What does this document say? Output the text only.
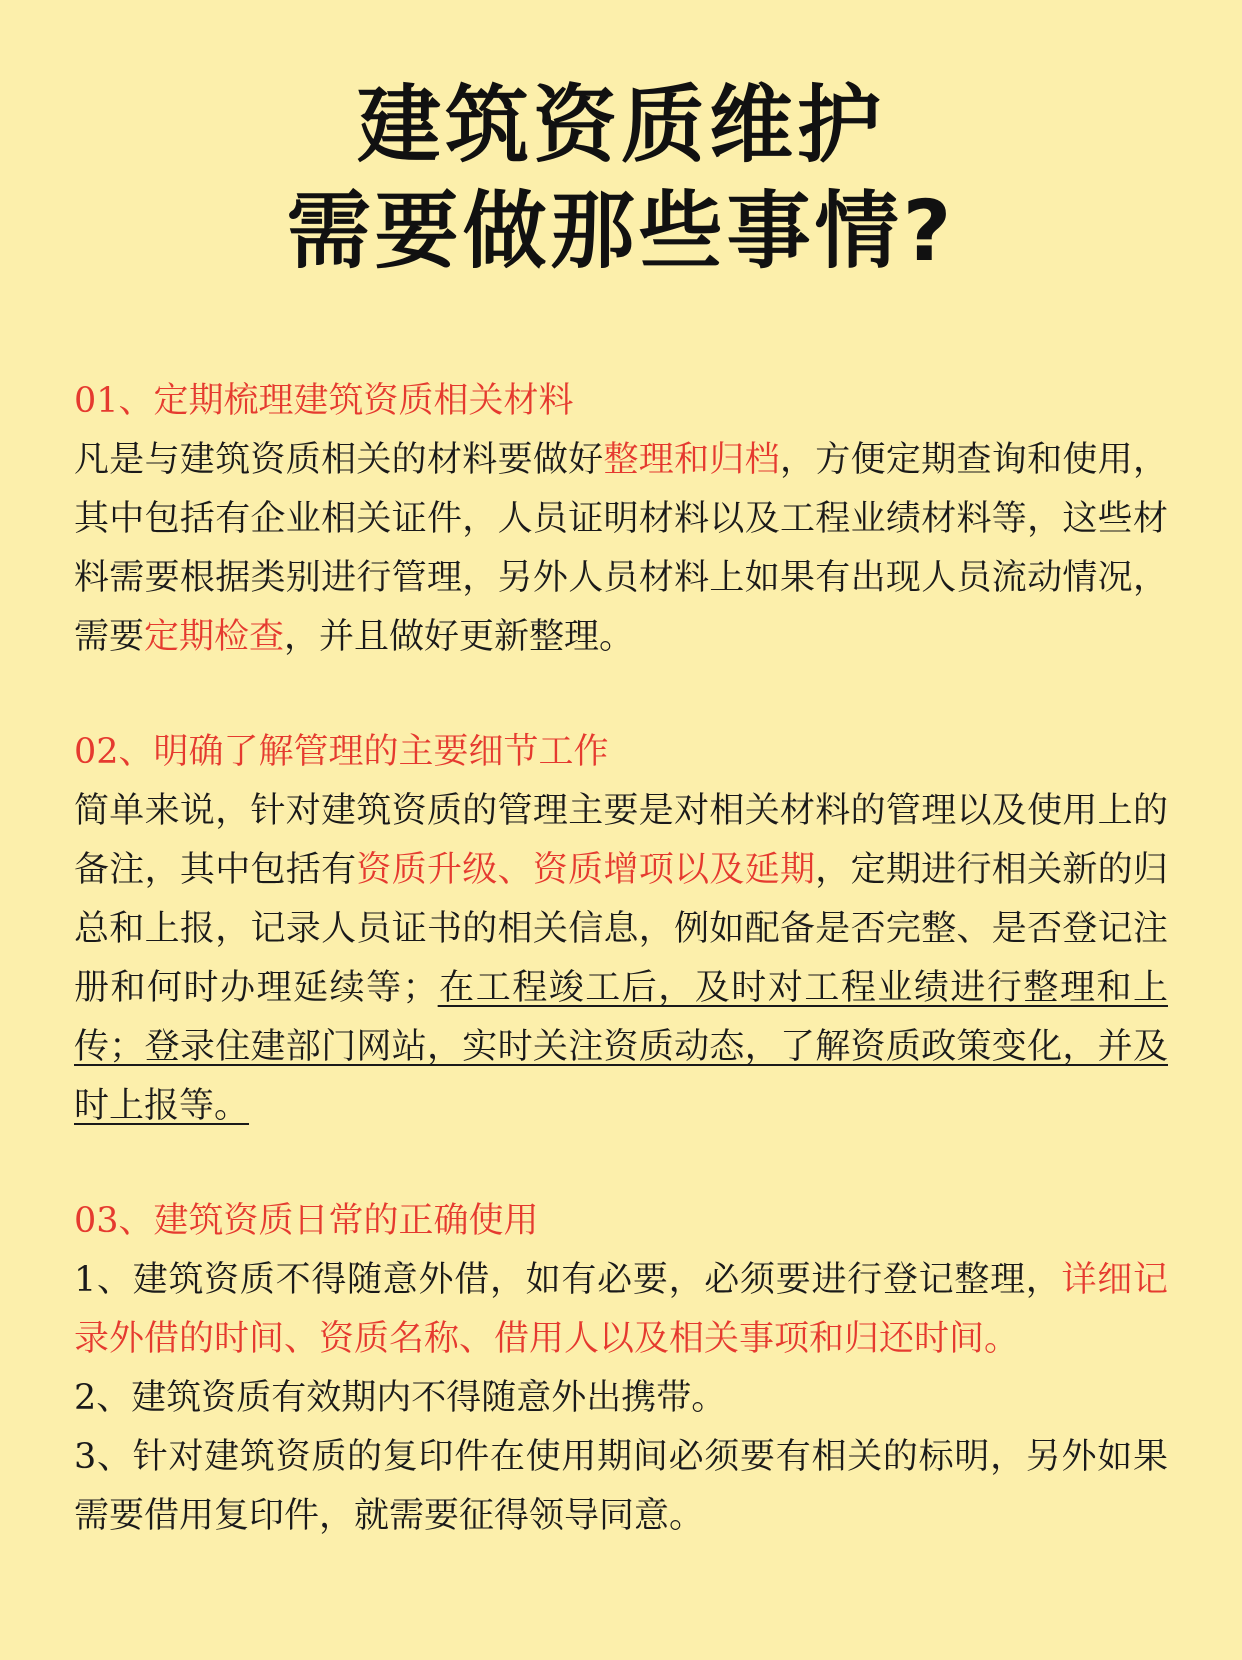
建筑资质维护
需要做那些事情?

01、定期梳理建筑资质相关材料

凡是与建筑资质相关的材料要做好整理和归档，方便定期查询和使用，其中包括有企业相关证件，人员证明材料以及工程业绩材料等，这些材料需要根据类别进行管理，另外人员材料上如果有出现人员流动情况，需要定期检查，并且做好更新整理。

02、明确了解管理的主要细节工作

简单来说，针对建筑资质的管理主要是对相关材料的管理以及使用上的备注，其中包括有资质升级、资质增项以及延期，定期进行相关新的归总和上报，记录人员证书的相关信息，例如配备是否完整、是否登记注册和何时办理延续等；在工程竣工后，及时对工程业绩进行整理和上传；登录住建部门网站，实时关注资质动态，了解资质政策变化，并及时上报等。

03、建筑资质日常的正确使用

1、建筑资质不得随意外借，如有必要，必须要进行登记整理，详细记录外借的时间、资质名称、借用人以及相关事项和归还时间。

2、建筑资质有效期内不得随意外出携带。

3、针对建筑资质的复印件在使用期间必须要有相关的标明，另外如果需要借用复印件，就需要征得领导同意。
